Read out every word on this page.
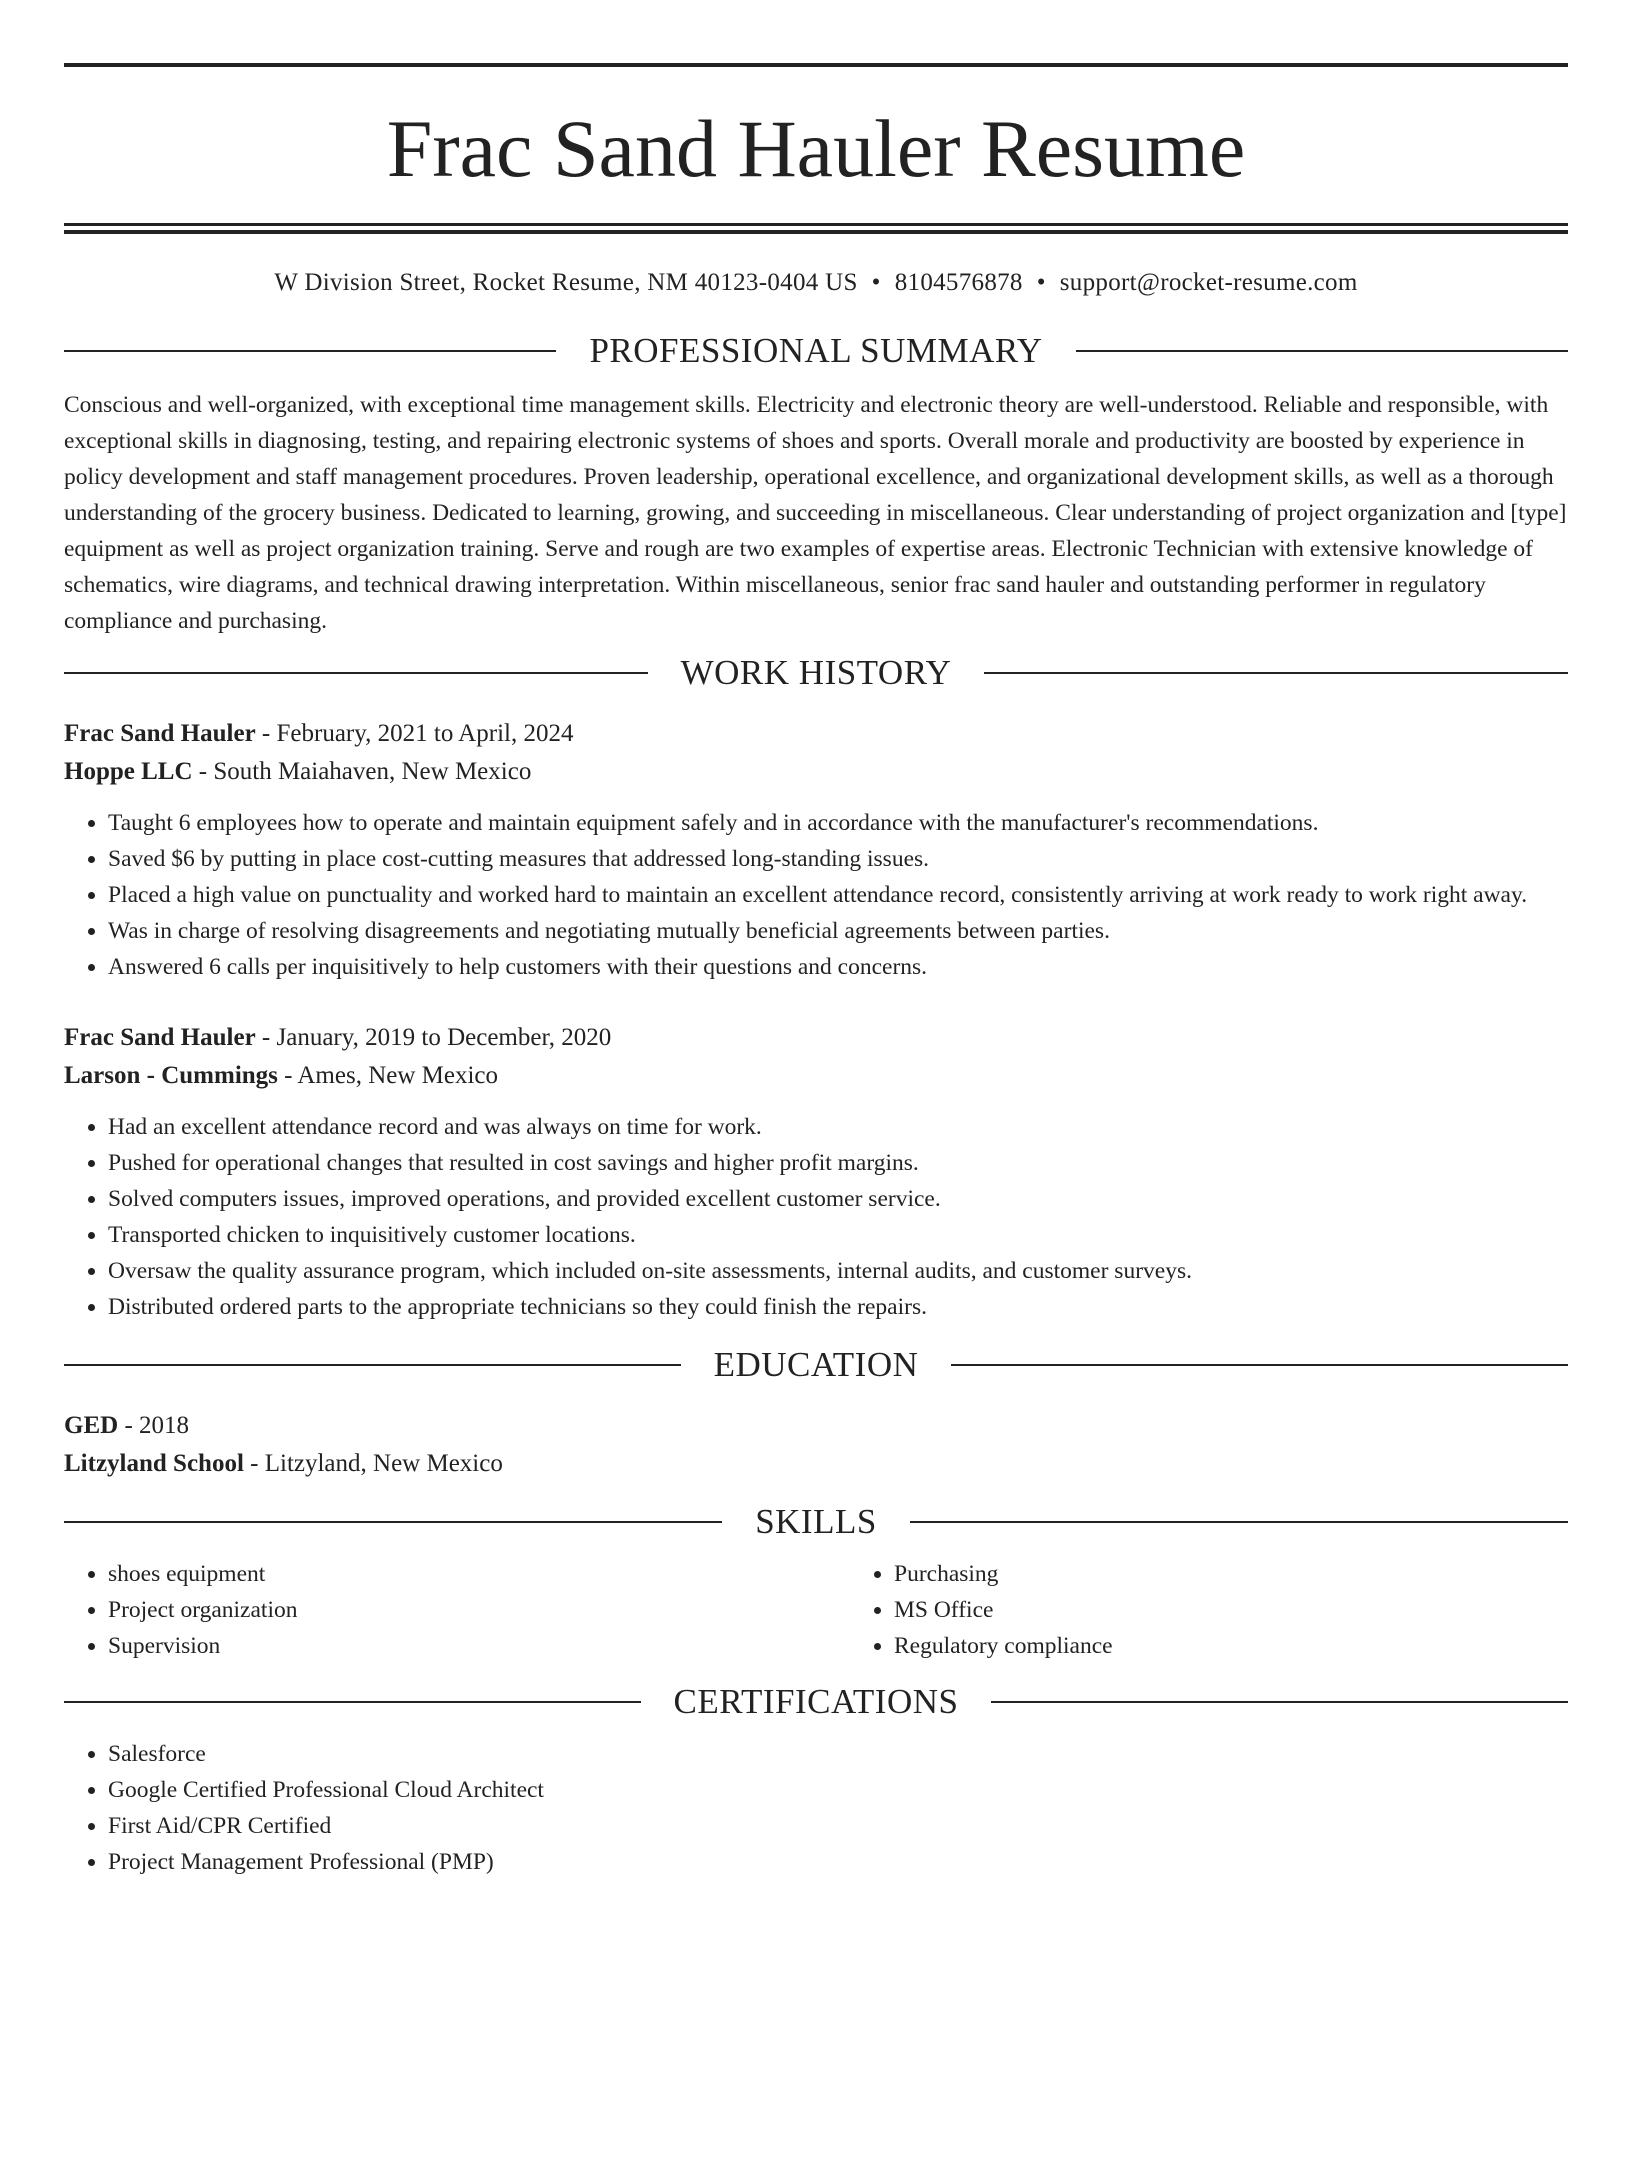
Frac Sand Hauler Resume
W Division Street, Rocket Resume, NM 40123-0404 US • 8104576878 • support@rocket-resume.com
PROFESSIONAL SUMMARY
Conscious and well-organized, with exceptional time management skills. Electricity and electronic theory are well-understood. Reliable and responsible, with exceptional skills in diagnosing, testing, and repairing electronic systems of shoes and sports. Overall morale and productivity are boosted by experience in policy development and staff management procedures. Proven leadership, operational excellence, and organizational development skills, as well as a thorough understanding of the grocery business. Dedicated to learning, growing, and succeeding in miscellaneous. Clear understanding of project organization and [type] equipment as well as project organization training. Serve and rough are two examples of expertise areas. Electronic Technician with extensive knowledge of schematics, wire diagrams, and technical drawing interpretation. Within miscellaneous, senior frac sand hauler and outstanding performer in regulatory compliance and purchasing.
WORK HISTORY
Frac Sand Hauler - February, 2021 to April, 2024
Hoppe LLC - South Maiahaven, New Mexico
• Taught 6 employees how to operate and maintain equipment safely and in accordance with the manufacturer's recommendations.
• Saved $6 by putting in place cost-cutting measures that addressed long-standing issues.
• Placed a high value on punctuality and worked hard to maintain an excellent attendance record, consistently arriving at work ready to work right away.
• Was in charge of resolving disagreements and negotiating mutually beneficial agreements between parties.
• Answered 6 calls per inquisitively to help customers with their questions and concerns.
Frac Sand Hauler - January, 2019 to December, 2020
Larson - Cummings - Ames, New Mexico
• Had an excellent attendance record and was always on time for work.
• Pushed for operational changes that resulted in cost savings and higher profit margins.
• Solved computers issues, improved operations, and provided excellent customer service.
• Transported chicken to inquisitively customer locations.
• Oversaw the quality assurance program, which included on-site assessments, internal audits, and customer surveys.
• Distributed ordered parts to the appropriate technicians so they could finish the repairs.
EDUCATION
GED - 2018
Litzyland School - Litzyland, New Mexico
SKILLS
• shoes equipment
• Project organization
• Supervision
• Purchasing
• MS Office
• Regulatory compliance
CERTIFICATIONS
• Salesforce
• Google Certified Professional Cloud Architect
• First Aid/CPR Certified
• Project Management Professional (PMP)
